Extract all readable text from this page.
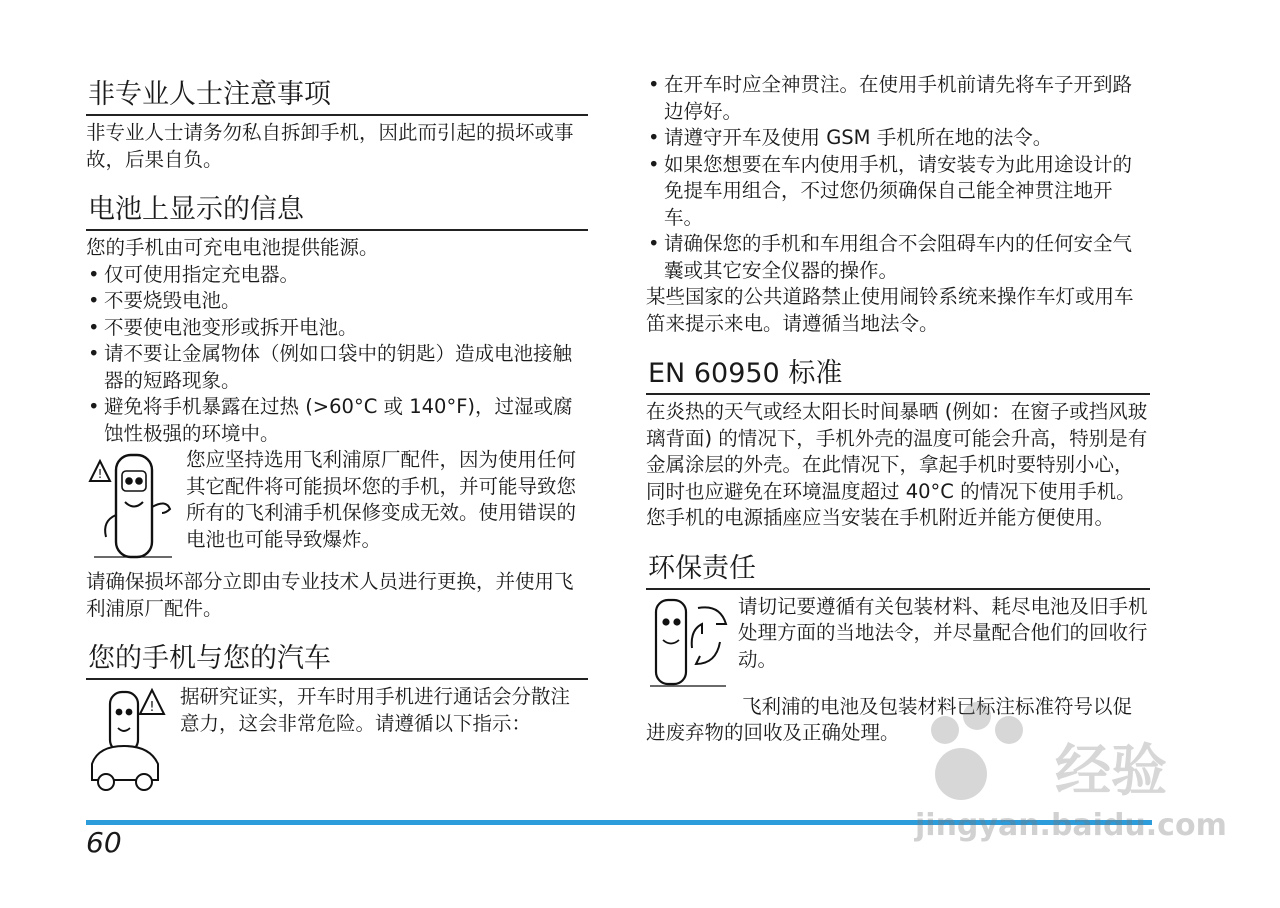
非专业人士注意事项

非专业人士请务勿私自拆卸手机，因此而引起的损坏或事故，后果自负。

电池上显示的信息

您的手机由可充电电池提供能源。

• 仅可使用指定充电器。
• 不要烧毁电池。
• 不要使电池变形或拆开电池。
• 请不要让金属物体（例如口袋中的钥匙）造成电池接触器的短路现象。
• 避免将手机暴露在过热 (>60°C 或 140°F)，过湿或腐蚀性极强的环境中。
!

您应坚持选用飞利浦原厂配件，因为使用任何其它配件将可能损坏您的手机，并可能导致您所有的飞利浦手机保修变成无效。使用错误的电池也可能导致爆炸。

请确保损坏部分立即由专业技术人员进行更换，并使用飞利浦原厂配件。

您的手机与您的汽车
! 据研究证实，开车时用手机进行通话会分散注意力，这会非常危险。请遵循以下指示：

• 在开车时应全神贯注。在使用手机前请先将车子开到路边停好。
• 请遵守开车及使用 GSM 手机所在地的法令。
• 如果您想要在车内使用手机，请安装专为此用途设计的免提车用组合，不过您仍须确保自己能全神贯注地开车。
• 请确保您的手机和车用组合不会阻碍车内的任何安全气囊或其它安全仪器的操作。

某些国家的公共道路禁止使用闹铃系统来操作车灯或用车笛来提示来电。请遵循当地法令。

EN 60950 标准

在炎热的天气或经太阳长时间暴晒 (例如：在窗子或挡风玻璃背面) 的情况下，手机外壳的温度可能会升高，特别是有金属涂层的外壳。在此情况下，拿起手机时要特别小心，同时也应避免在环境温度超过 40°C 的情况下使用手机。

您手机的电源插座应当安装在手机附近并能方便使用。

环保责任

请切记要遵循有关包装材料、耗尽电池及旧手机处理方面的当地法令，并尽量配合他们的回收行动。

飞利浦的电池及包装材料已标注标准符号以促进废弃物的回收及正确处理。

60
经验
jingyan.baidu.com
